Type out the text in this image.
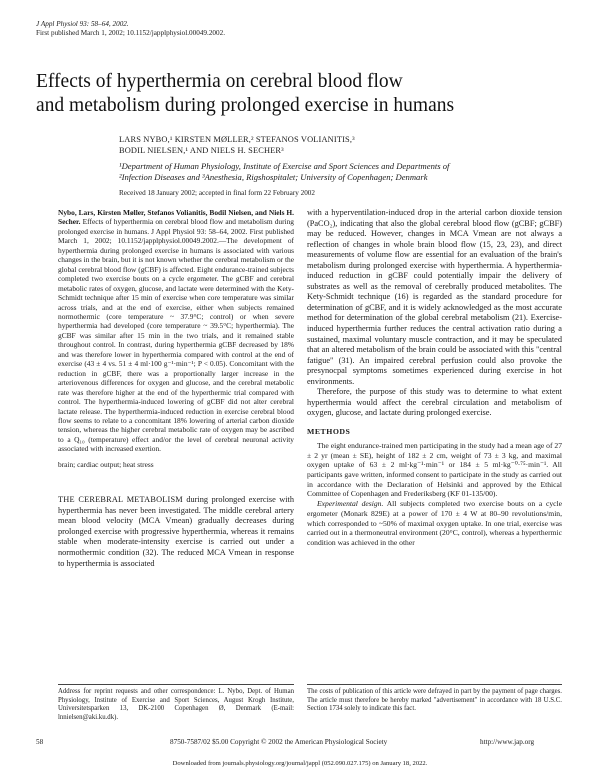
J Appl Physiol 93: 58–64, 2002.
First published March 1, 2002; 10.1152/japplphysiol.00049.2002.
Effects of hyperthermia on cerebral blood flow
and metabolism during prolonged exercise in humans
LARS NYBO,¹ KIRSTEN MØLLER,² STEFANOS VOLIANITIS,³
BODIL NIELSEN,¹ AND NIELS H. SECHER³
¹Department of Human Physiology, Institute of Exercise and Sport Sciences and Departments of
²Infection Diseases and ³Anesthesia, Rigshospitalet; University of Copenhagen; Denmark
Received 18 January 2002; accepted in final form 22 February 2002
Nybo, Lars, Kirsten Møller, Stefanos Volianitis, Bodil Nielsen, and Niels H. Secher. Effects of hyperthermia on cerebral blood flow and metabolism during prolonged exercise in humans. J Appl Physiol 93: 58–64, 2002. First published March 1, 2002; 10.1152/japplphysiol.00049.2002.—The development of hyperthermia during prolonged exercise in humans is associated with various changes in the brain, but it is not known whether the cerebral metabolism or the global cerebral blood flow (gCBF) is affected. Eight endurance-trained subjects completed two exercise bouts on a cycle ergometer. The gCBF and cerebral metabolic rates of oxygen, glucose, and lactate were determined with the Kety-Schmidt technique after 15 min of exercise when core temperature was similar across trials, and at the end of exercise, either when subjects remained normothermic (core temperature ~ 37.9°C; control) or when severe hyperthermia had developed (core temperature ~ 39.5°C; hyperthermia). The gCBF was similar after 15 min in the two trials, and it remained stable throughout control. In contrast, during hyperthermia gCBF decreased by 18% and was therefore lower in hyperthermia compared with control at the end of exercise (43 ± 4 vs. 51 ± 4 ml·100 g⁻¹·min⁻¹; P < 0.05). Concomitant with the reduction in gCBF, there was a proportionally larger increase in the arteriovenous differences for oxygen and glucose, and the cerebral metabolic rate was therefore higher at the end of the hyperthermic trial compared with control. The hyperthermia-induced lowering of gCBF did not alter cerebral lactate release. The hyperthermia-induced reduction in exercise cerebral blood flow seems to relate to a concomitant 18% lowering of arterial carbon dioxide tension, whereas the higher cerebral metabolic rate of oxygen may be ascribed to a Q₁₀ (temperature) effect and/or the level of cerebral neuronal activity associated with increased exertion.
brain; cardiac output; heat stress
THE CEREBRAL METABOLISM during prolonged exercise with hyperthermia has never been investigated. The middle cerebral artery mean blood velocity (MCA Vmean) gradually decreases during prolonged exercise with progressive hyperthermia, whereas it remains stable when moderate-intensity exercise is carried out under a normothermic condition (32). The reduced MCA Vmean in response to hyperthermia is associated

with a hyperventilation-induced drop in the arterial carbon dioxide tension (PaCO₂), indicating that also the global cerebral blood flow (gCBF; gCBF) may be reduced. However, changes in MCA Vmean are not always a reflection of changes in whole brain blood flow (15, 23, 23), and direct measurements of volume flow are essential for an evaluation of the brain's metabolism during prolonged exercise with hyperthermia. A hyperthermia-induced reduction in gCBF could potentially impair the delivery of substrates as well as the removal of cerebrally produced metabolites. The Kety-Schmidt technique (16) is regarded as the standard procedure for determination of gCBF, and it is widely acknowledged as the most accurate method for determination of the global cerebral metabolism (21). Exercise-induced hyperthermia further reduces the central activation ratio during a sustained, maximal voluntary muscle contraction, and it may be speculated that an altered metabolism of the brain could be associated with this "central fatigue" (31). An impaired cerebral perfusion could also provoke the presynocpal symptoms sometimes experienced during exercise in hot environments.

Therefore, the purpose of this study was to determine to what extent hyperthermia would affect the cerebral circulation and metabolism of oxygen, glucose, and lactate during prolonged exercise.

METHODS

The eight endurance-trained men participating in the study had a mean age of 27 ± 2 yr (mean ± SE), height of 182 ± 2 cm, weight of 73 ± 3 kg, and maximal oxygen uptake of 63 ± 2 ml·kg⁻¹·min⁻¹ or 184 ± 5 ml·kg⁻⁰·⁷⁵·min⁻¹. All participants gave written, informed consent to participate in the study as carried out in accordance with the Declaration of Helsinki and approved by the Ethical Committee of Copenhagen and Frederiksberg (KF 01-135/00).

Experimental design. All subjects completed two exercise bouts on a cycle ergometer (Monark 829E) at a power of 170 ± 4 W at 80–90 revolutions/min, which corresponded to ~50% of maximal oxygen uptake. In one trial, exercise was carried out in a thermoneutral environment (20°C, control), whereas a hyperthermic condition was achieved in the other

Address for reprint requests and other correspondence: L. Nybo, Dept. of Human Physiology, Institute of Exercise and Sport Sciences, August Krogh Institute, Universitetsparken 13, DK-2100 Copenhagen Ø, Denmark (E-mail: lnnielsen@aki.ku.dk).
The costs of publication of this article were defrayed in part by the payment of page charges. The article must therefore be hereby marked "advertisement" in accordance with 18 U.S.C. Section 1734 solely to indicate this fact.
58	8750-7587/02 $5.00 Copyright © 2002 the American Physiological Society	http://www.jap.org
Downloaded from journals.physiology.org/journal/jappl (052.090.027.175) on January 18, 2022.
